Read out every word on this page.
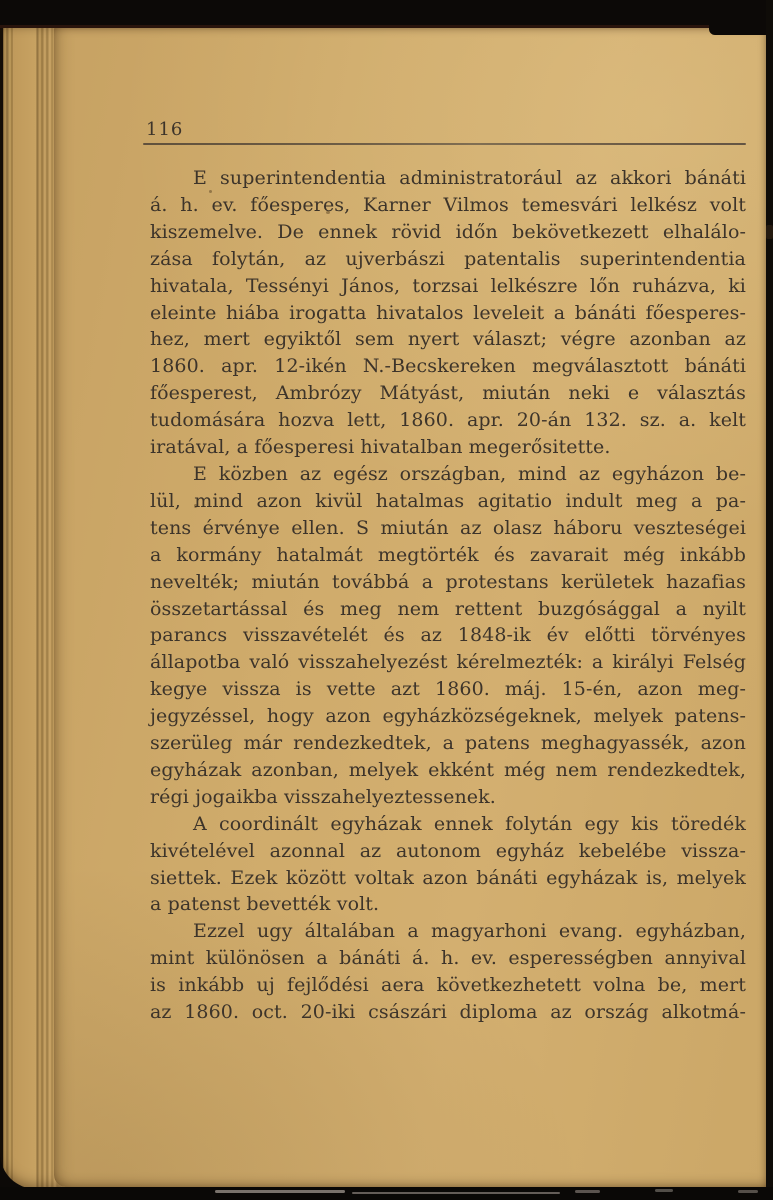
116
E superintendentia administratorául az akkori bánáti
á. h. ev. főesperes, Karner Vilmos temesvári lelkész volt
kiszemelve. De ennek rövid időn bekövetkezett elhalálo-
zása folytán, az ujverbászi patentalis superintendentia
hivatala, Tessényi János, torzsai lelkészre lőn ruházva, ki
eleinte hiába irogatta hivatalos leveleit a bánáti főesperes-
hez, mert egyiktől sem nyert választ; végre azonban az
1860. apr. 12-ikén N.-Becskereken megválasztott bánáti
főesperest, Ambrózy Mátyást, miután neki e választás
tudomására hozva lett, 1860. apr. 20-án 132. sz. a. kelt
iratával, a főesperesi hivatalban megerősitette.
E közben az egész országban, mind az egyházon be-
lül, mind azon kivül hatalmas agitatio indult meg a pa-
tens érvénye ellen. S miután az olasz háboru veszteségei
a kormány hatalmát megtörték és zavarait még inkább
nevelték; miután továbbá a protestans kerületek hazafias
összetartással és meg nem rettent buzgósággal a nyilt
parancs visszavételét és az 1848-ik év előtti törvényes
állapotba való visszahelyezést kérelmezték: a királyi Felség
kegye vissza is vette azt 1860. máj. 15-én, azon meg-
jegyzéssel, hogy azon egyházközségeknek, melyek patens-
szerüleg már rendezkedtek, a patens meghagyassék, azon
egyházak azonban, melyek ekként még nem rendezkedtek,
régi jogaikba visszahelyeztessenek.
A coordinált egyházak ennek folytán egy kis töredék
kivételével azonnal az autonom egyház kebelébe vissza-
siettek. Ezek között voltak azon bánáti egyházak is, melyek
a patenst bevették volt.
Ezzel ugy általában a magyarhoni evang. egyházban,
mint különösen a bánáti á. h. ev. esperességben annyival
is inkább uj fejlődési aera következhetett volna be, mert
az 1860. oct. 20-iki császári diploma az ország alkotmá-
